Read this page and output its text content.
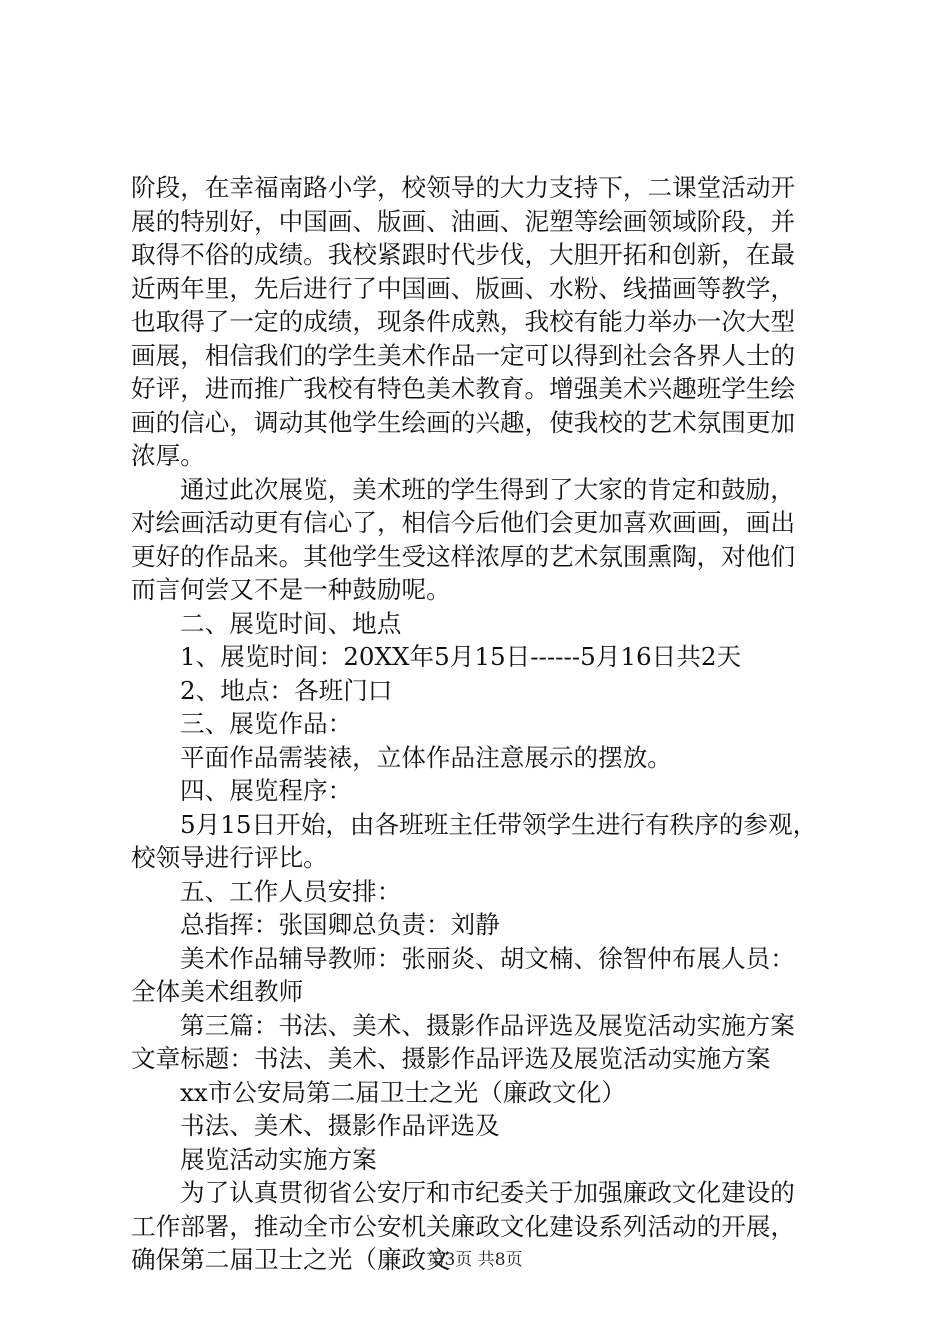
阶段，在幸福南路小学，校领导的大力支持下，二课堂活动开
展的特别好，中国画、版画、油画、泥塑等绘画领域阶段，并
取得不俗的成绩。我校紧跟时代步伐，大胆开拓和创新，在最
近两年里，先后进行了中国画、版画、水粉、线描画等教学，
也取得了一定的成绩，现条件成熟，我校有能力举办一次大型
画展，相信我们的学生美术作品一定可以得到社会各界人士的
好评，进而推广我校有特色美术教育。增强美术兴趣班学生绘
画的信心，调动其他学生绘画的兴趣，使我校的艺术氛围更加
浓厚。
通过此次展览，美术班的学生得到了大家的肯定和鼓励，
对绘画活动更有信心了，相信今后他们会更加喜欢画画，画出
更好的作品来。其他学生受这样浓厚的艺术氛围熏陶，对他们
而言何尝又不是一种鼓励呢。
二、展览时间、地点
1、展览时间：20XX年5月15日------5月16日共2天
2、地点：各班门口
三、展览作品：
平面作品需装裱，立体作品注意展示的摆放。
四、展览程序：
5月15日开始，由各班班主任带领学生进行有秩序的参观，
校领导进行评比。
五、工作人员安排：
总指挥：张国卿总负责：刘静
美术作品辅导教师：张丽炎、胡文楠、徐智仲布展人员：
全体美术组教师
第三篇：书法、美术、摄影作品评选及展览活动实施方案
文章标题：书法、美术、摄影作品评选及展览活动实施方案
xx市公安局第二届卫士之光（廉政文化）
书法、美术、摄影作品评选及
展览活动实施方案
为了认真贯彻省公安厅和市纪委关于加强廉政文化建设的
工作部署，推动全市公安机关廉政文化建设系列活动的开展，
确保第二届卫士之光（廉政文
第3页 共8页
